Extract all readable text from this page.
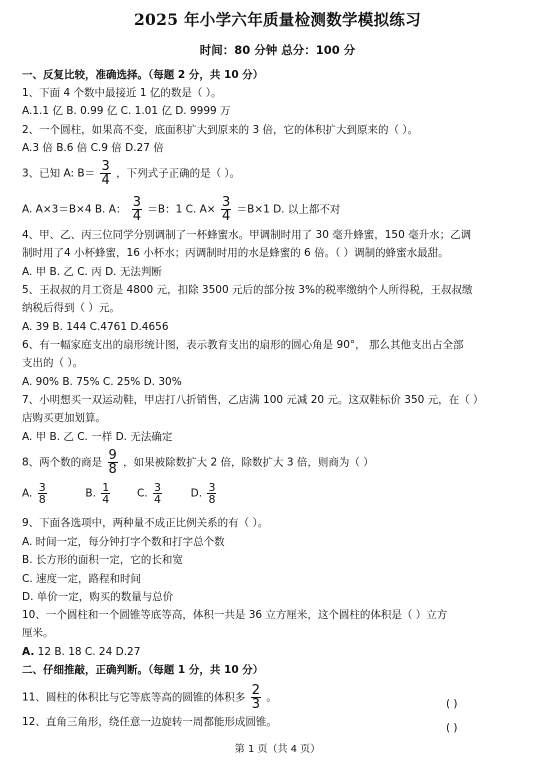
2025 年小学六年质量检测数学模拟练习
时间：80 分钟 总分：100 分
一、反复比较，准确选择。（每题 2 分，共 10 分）
1、下面 4 个数中最接近 1 亿的数是（ ）。
A.1.1 亿 B. 0.99 亿 C. 1.01 亿 D. 9999 万
2、一个圆柱，如果高不变，底面积扩大到原来的 3 倍，它的体积扩大到原来的（ ）。
A.3 倍 B.6 倍 C.9 倍 D.27 倍
3、已知 A: $B= \frac{3}{4}$ ，下列式子正确的是（ ）。
A. A×3＝B×4 B. A： $\frac{3}{4} =B$：1 C. $A\times \frac{3}{4} =B\times 1$ D. 以上都不对
4、甲、乙、丙三位同学分别调制了一杯蜂蜜水。甲调制时用了 30 毫升蜂蜜，150 毫升水；乙调
制时用了4 小杯蜂蜜，16 小杯水；丙调制时用的水是蜂蜜的 6 倍。（ ）调制的蜂蜜水最甜。
A. 甲 B. 乙 C. 丙 D. 无法判断
5、王叔叔的月工资是 4800 元，扣除 3500 元后的部分按 3%的税率缴纳个人所得税，王叔叔缴
纳税后得到（ ）元。
A. 39 B. 144 C.4761 D.4656
6、有一幅家庭支出的扇形统计图，表示教育支出的扇形的圆心角是 90°， 那么其他支出占全部
支出的（ ）。
A. 90% B. 75% C. 25% D. 30%
7、小明想买一双运动鞋，甲店打八折销售，乙店满 100 元减 20 元。这双鞋标价 350 元，在（ ）
店购买更加划算。
A. 甲 B. 乙 C. 一样 D. 无法确定
8、两个数的商是 $\frac{9}{8}$ ，如果被除数扩大 2 倍，除数扩大 3 倍，则商为（ ）
A. $\frac{3}{8}$	B. $\frac{1}{4}$	C. $\frac{3}{4}$	D. $\frac{3}{8}$
9、下面各选项中，两种量不成正比例关系的有（ ）。
A. 时间一定，每分钟打字个数和打字总个数
B. 长方形的面积一定，它的长和宽
C. 速度一定，路程和时间
D. 单价一定，购买的数量与总价
10、一个圆柱和一个圆锥等底等高，体积一共是 36 立方厘米，这个圆柱的体积是（ ）立方
厘米。
A. 12 B. 18 C. 24 D.27
二、仔细推敲，正确判断。（每题 1 分，共 10 分）
11、圆柱的体积比与它等底等高的圆锥的体积多 $\frac{2}{3}$ 。
( )
12、直角三角形，绕任意一边旋转一周都能形成圆锥。	( )
第 1 页（共 4 页）
